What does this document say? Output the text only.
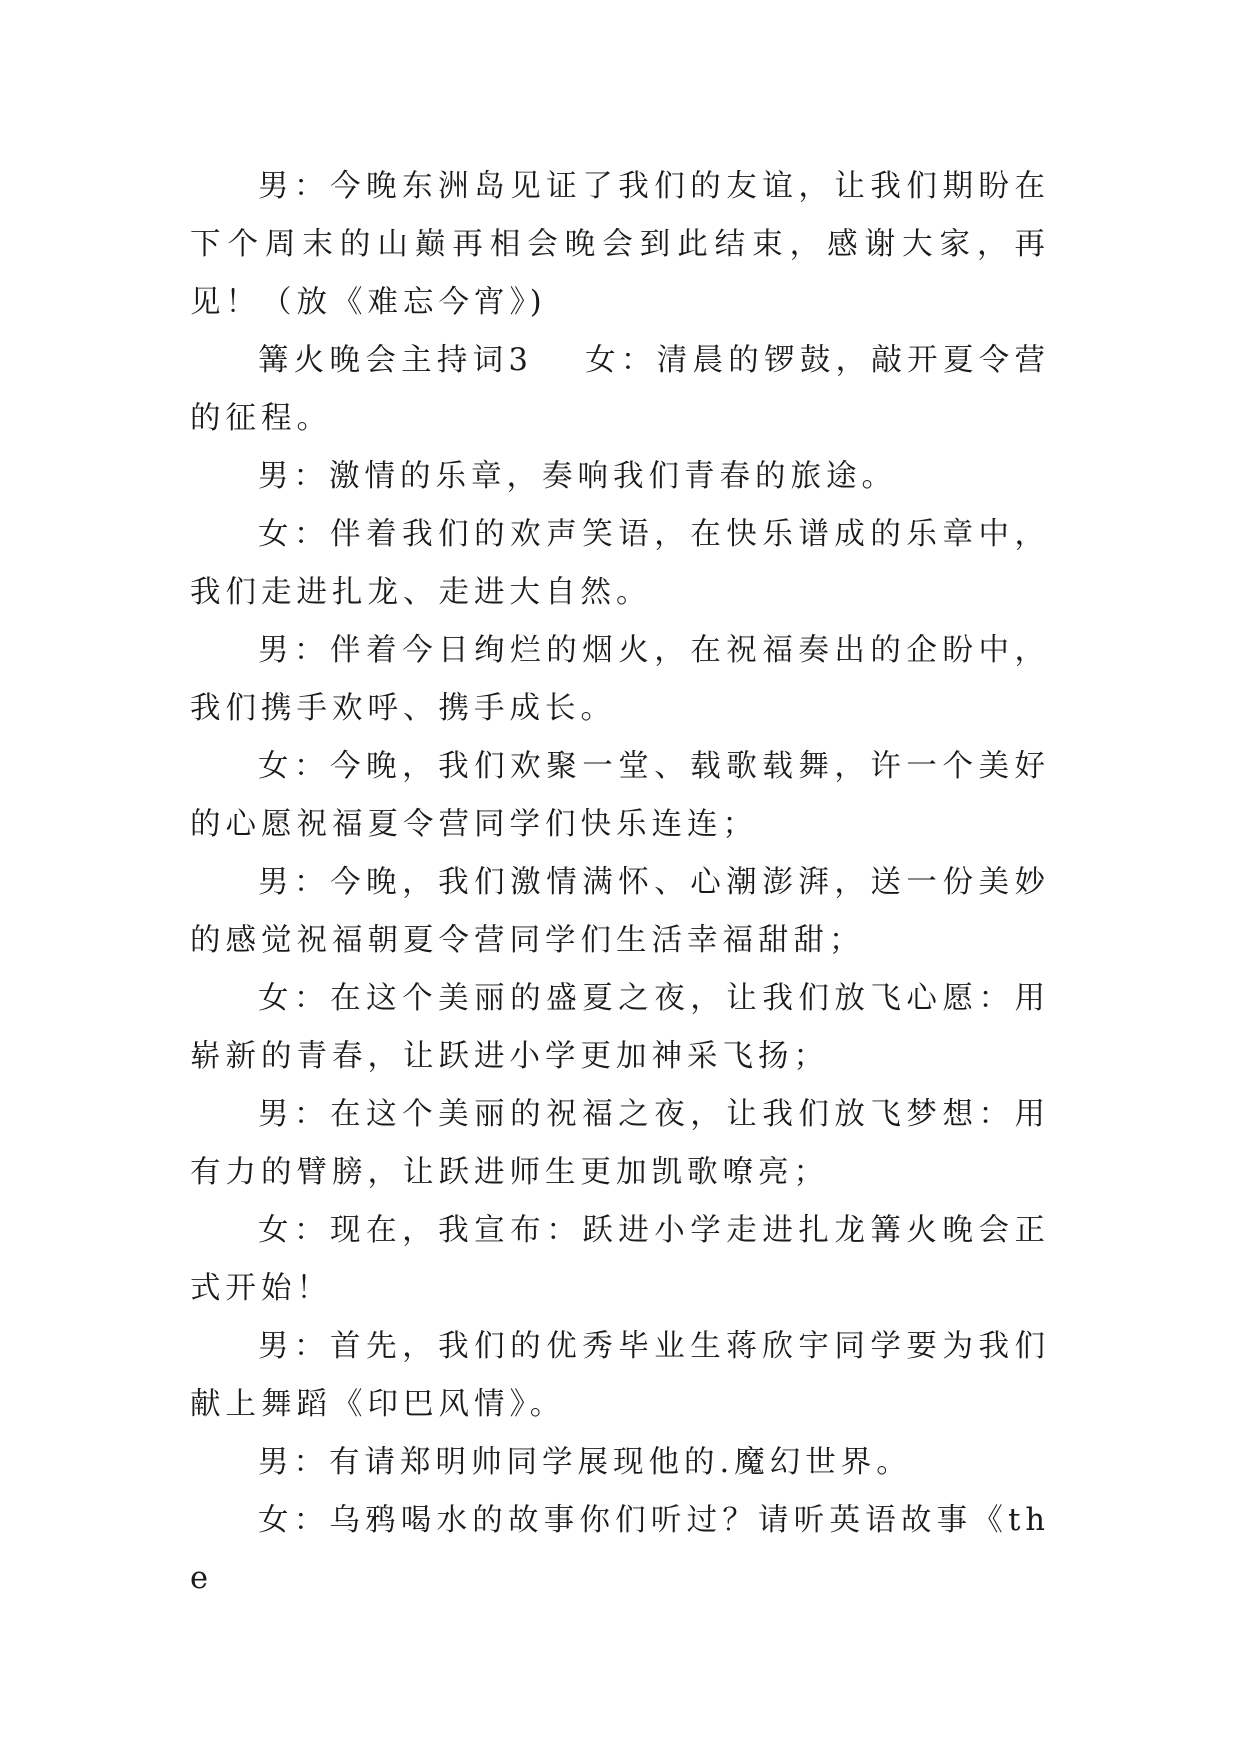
男：今晚东洲岛见证了我们的友谊，让我们期盼在下个周末的山巅再相会晚会到此结束，感谢大家，再见！（放《难忘今宵》)

篝火晚会主持词3 女：清晨的锣鼓，敲开夏令营的征程。

男：激情的乐章，奏响我们青春的旅途。

女：伴着我们的欢声笑语，在快乐谱成的乐章中，我们走进扎龙、走进大自然。

男：伴着今日绚烂的烟火，在祝福奏出的企盼中，我们携手欢呼、携手成长。

女：今晚，我们欢聚一堂、载歌载舞，许一个美好的心愿祝福夏令营同学们快乐连连；

男：今晚，我们激情满怀、心潮澎湃，送一份美妙的感觉祝福朝夏令营同学们生活幸福甜甜；

女：在这个美丽的盛夏之夜，让我们放飞心愿：用崭新的青春，让跃进小学更加神采飞扬；

男：在这个美丽的祝福之夜，让我们放飞梦想：用有力的臂膀，让跃进师生更加凯歌嘹亮；

女：现在，我宣布：跃进小学走进扎龙篝火晚会正式开始！

男：首先，我们的优秀毕业生蒋欣宇同学要为我们献上舞蹈《印巴风情》。

男：有请郑明帅同学展现他的.魔幻世界。

女：乌鸦喝水的故事你们听过？请听英语故事《the
